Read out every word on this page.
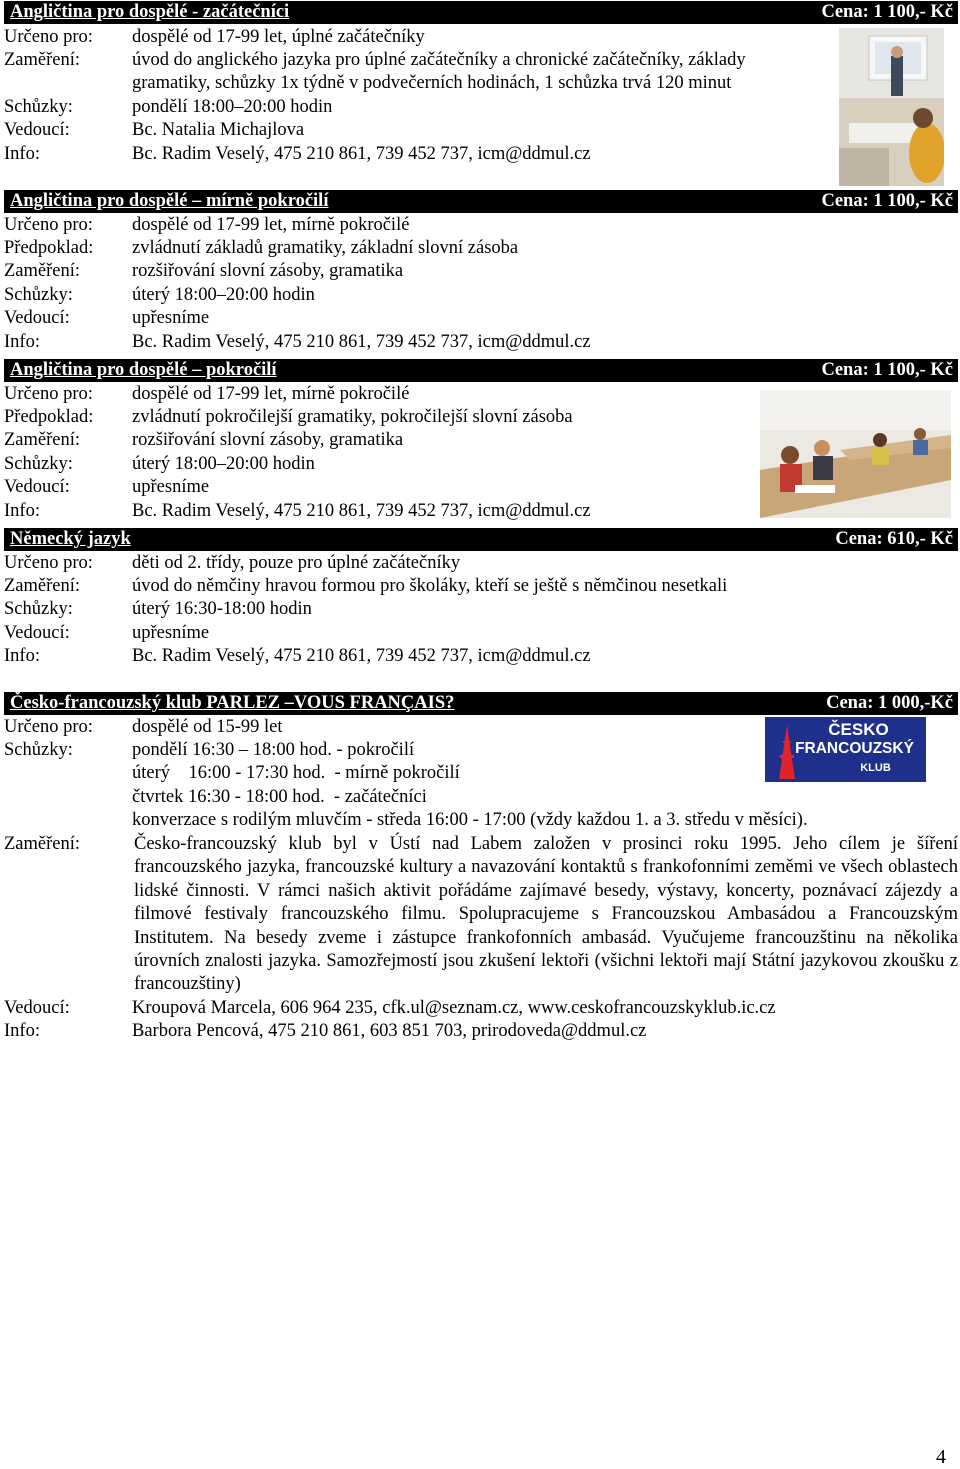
Angličtina pro dospělé - začátečníci	Cena: 1 100,- Kč
Určeno pro: dospělé od 17-99 let, úplné začátečníky
Zaměření:	úvod do anglického jazyka pro úplné začátečníky a chronické začátečníky, základy
gramatiky, schůzky 1x týdně v podvečerních hodinách, 1 schůzka trvá 120 minut
Schůzky:	pondělí 18:00–20:00 hodin
Vedoucí:	Bc. Natalia Michajlova
Info:	Bc. Radim Veselý, 475 210 861, 739 452 737, icm@ddmul.cz
Angličtina pro dospělé – mírně pokročilí	Cena: 1 100,- Kč
Určeno pro: dospělé od 17-99 let, mírně pokročilé
Předpoklad: zvládnutí základů gramatiky, základní slovní zásoba
Zaměření:	rozšiřování slovní zásoby, gramatika
Schůzky:	úterý 18:00–20:00 hodin
Vedoucí:	upřesníme
Info:	Bc. Radim Veselý, 475 210 861, 739 452 737, icm@ddmul.cz
Angličtina pro dospělé – pokročilí	Cena: 1 100,- Kč
Určeno pro: dospělé od 17-99 let, mírně pokročilé
Předpoklad: zvládnutí pokročilejší gramatiky, pokročilejší slovní zásoba
Zaměření:	rozšiřování slovní zásoby, gramatika
Schůzky:	úterý 18:00–20:00 hodin
Vedoucí:	upřesníme
Info:	Bc. Radim Veselý, 475 210 861, 739 452 737, icm@ddmul.cz
Německý jazyk	Cena: 610,- Kč
Určeno pro: děti od 2. třídy, pouze pro úplné začátečníky
Zaměření:	úvod do němčiny hravou formou pro školáky, kteří se ještě s němčinou nesetkali
Schůzky:	úterý 16:30-18:00 hodin
Vedoucí:	upřesníme
Info:	Bc. Radim Veselý, 475 210 861, 739 452 737, icm@ddmul.cz
Česko-francouzský klub PARLEZ –VOUS FRANÇAIS?	Cena: 1 000,-Kč
Určeno pro: dospělé od 15-99 let
Schůzky:	pondělí 16:30 – 18:00 hod. - pokročilí
úterý    16:00 - 17:30 hod.  - mírně pokročilí
čtvrtek 16:30 - 18:00 hod.  - začátečníci
konverzace s rodilým mluvčím - středa 16:00 - 17:00 (vždy každou 1. a 3. středu v měsíci).
Zaměření:	Česko-francouzský klub byl v Ústí nad Labem založen v prosinci roku 1995. Jeho cílem je šíření francouzského jazyka, francouzské kultury a navazování kontaktů s frankofonními zeměmi ve všech oblastech lidské činnosti. V rámci našich aktivit pořádáme zajímavé besedy, výstavy, koncerty, poznávací zájezdy a filmové festivaly francouzského filmu. Spolupracujeme s Francouzskou Ambasádou a Francouzským Institutem. Na besedy zveme i zástupce frankofonních ambasád. Vyučujeme francouzštinu na několika úrovních znalosti jazyka. Samozřejmostí jsou zkušení lektoři (všichni lektoři mají Státní jazykovou zkoušku z francouzštiny)
Vedoucí:	Kroupová Marcela, 606 964 235, cfk.ul@seznam.cz, www.ceskofrancouzskyklub.ic.cz
Info:	Barbora Pencová, 475 210 861, 603 851 703, prirodoveda@ddmul.cz
ČESKO
FRANCOUZSKÝ
KLUB
4
